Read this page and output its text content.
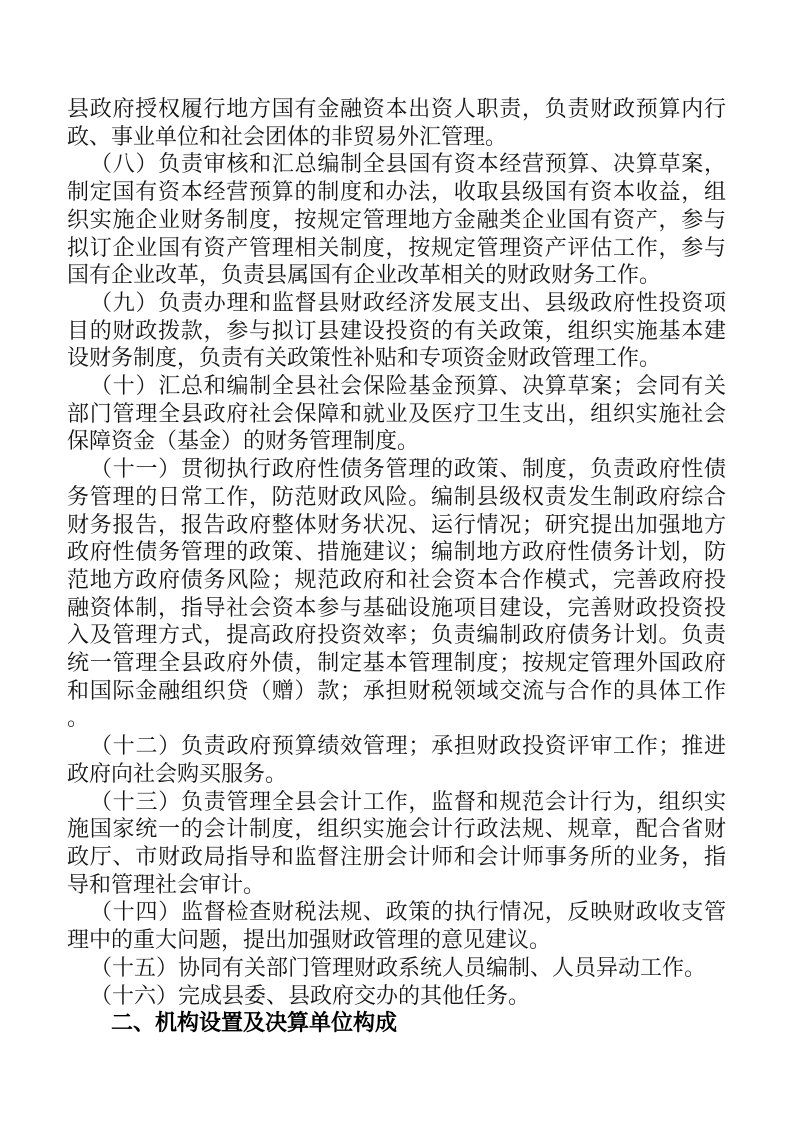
县政府授权履行地方国有金融资本出资人职责，负责财政预算内行政、事业单位和社会团体的非贸易外汇管理。

（八）负责审核和汇总编制全县国有资本经营预算、决算草案，制定国有资本经营预算的制度和办法，收取县级国有资本收益，组织实施企业财务制度，按规定管理地方金融类企业国有资产，参与拟订企业国有资产管理相关制度，按规定管理资产评估工作，参与国有企业改革，负责县属国有企业改革相关的财政财务工作。

（九）负责办理和监督县财政经济发展支出、县级政府性投资项目的财政拨款，参与拟订县建设投资的有关政策，组织实施基本建设财务制度，负责有关政策性补贴和专项资金财政管理工作。

（十）汇总和编制全县社会保险基金预算、决算草案；会同有关部门管理全县政府社会保障和就业及医疗卫生支出，组织实施社会保障资金（基金）的财务管理制度。

（十一）贯彻执行政府性债务管理的政策、制度，负责政府性债务管理的日常工作，防范财政风险。编制县级权责发生制政府综合财务报告，报告政府整体财务状况、运行情况；研究提出加强地方政府性债务管理的政策、措施建议；编制地方政府性债务计划，防范地方政府债务风险；规范政府和社会资本合作模式，完善政府投融资体制，指导社会资本参与基础设施项目建设，完善财政投资投入及管理方式，提高政府投资效率；负责编制政府债务计划。负责统一管理全县政府外债，制定基本管理制度；按规定管理外国政府和国际金融组织贷（赠）款；承担财税领域交流与合作的具体工作。

（十二）负责政府预算绩效管理；承担财政投资评审工作；推进政府向社会购买服务。

（十三）负责管理全县会计工作，监督和规范会计行为，组织实施国家统一的会计制度，组织实施会计行政法规、规章，配合省财政厅、市财政局指导和监督注册会计师和会计师事务所的业务，指导和管理社会审计。

（十四）监督检查财税法规、政策的执行情况，反映财政收支管理中的重大问题，提出加强财政管理的意见建议。

（十五）协同有关部门管理财政系统人员编制、人员异动工作。

（十六）完成县委、县政府交办的其他任务。

二、机构设置及决算单位构成
